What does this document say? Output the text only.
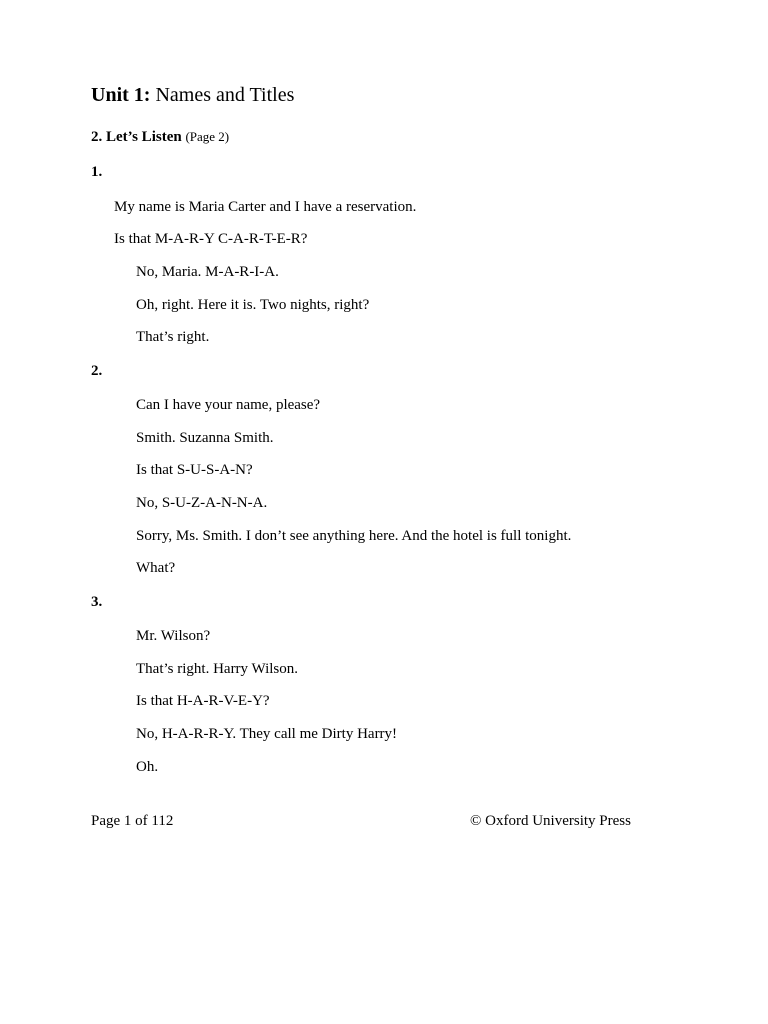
Unit 1: Names and Titles
2. Let’s Listen (Page 2)
1.
My name is Maria Carter and I have a reservation.
Is that M-A-R-Y C-A-R-T-E-R?
No, Maria. M-A-R-I-A.
Oh, right. Here it is. Two nights, right?
That’s right.
2.
Can I have your name, please?
Smith. Suzanna Smith.
Is that S-U-S-A-N?
No, S-U-Z-A-N-N-A.
Sorry, Ms. Smith. I don’t see anything here. And the hotel is full tonight.
What?
3.
Mr. Wilson?
That’s right. Harry Wilson.
Is that H-A-R-V-E-Y?
No, H-A-R-R-Y. They call me Dirty Harry!
Oh.
Page 1 of 112	© Oxford University Press
